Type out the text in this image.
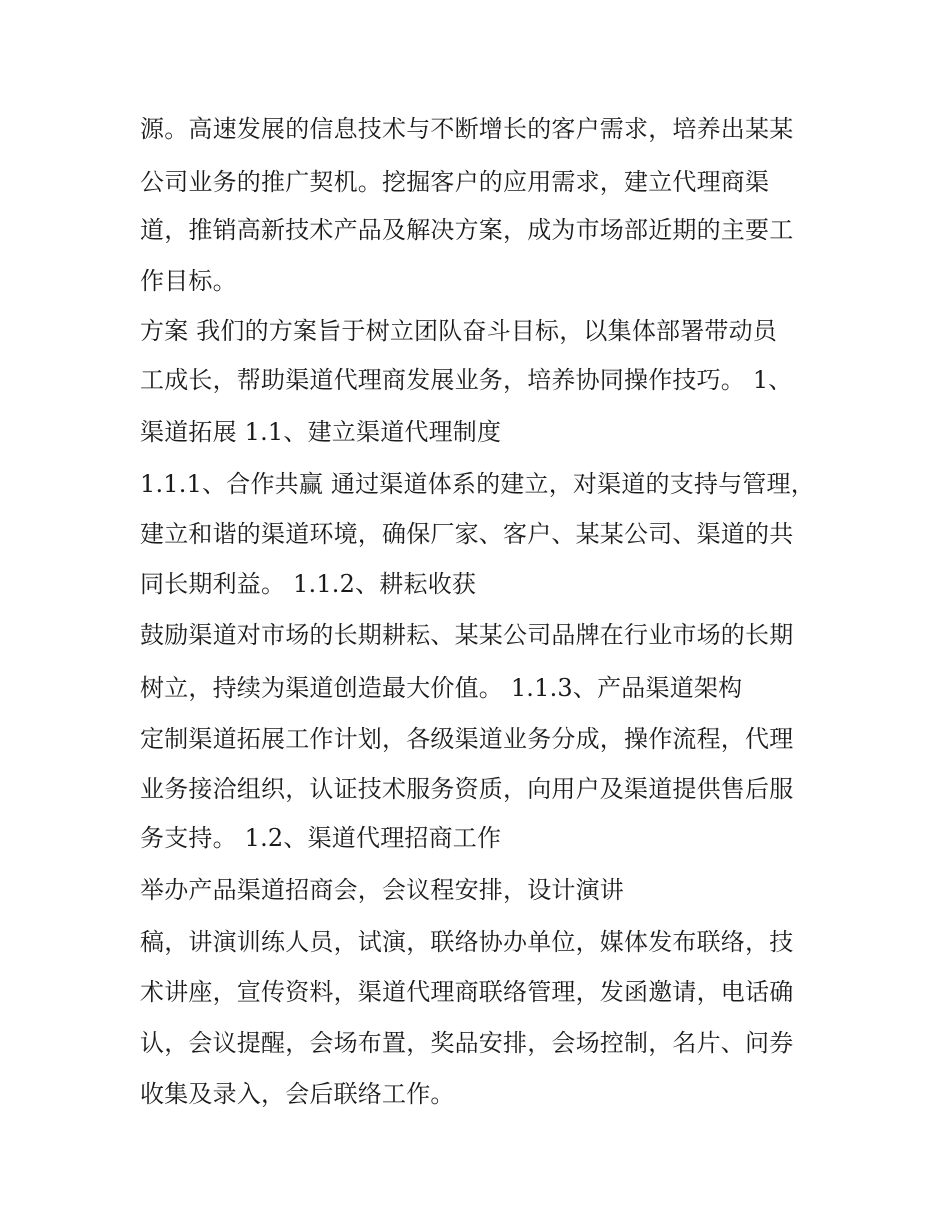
源。高速发展的信息技术与不断增长的客户需求，培养出某某
公司业务的推广契机。挖掘客户的应用需求，建立代理商渠
道，推销高新技术产品及解决方案，成为市场部近期的主要工
作目标。
方案 我们的方案旨于树立团队奋斗目标，以集体部署带动员
工成长，帮助渠道代理商发展业务，培养协同操作技巧。 1、
渠道拓展 1.1、建立渠道代理制度
1.1.1、合作共赢 通过渠道体系的建立，对渠道的支持与管理，
建立和谐的渠道环境，确保厂家、客户、某某公司、渠道的共
同长期利益。 1.1.2、耕耘收获
鼓励渠道对市场的长期耕耘、某某公司品牌在行业市场的长期
树立，持续为渠道创造最大价值。 1.1.3、产品渠道架构
定制渠道拓展工作计划，各级渠道业务分成，操作流程，代理
业务接洽组织，认证技术服务资质，向用户及渠道提供售后服
务支持。 1.2、渠道代理招商工作
举办产品渠道招商会，会议程安排，设计演讲
稿，讲演训练人员，试演，联络协办单位，媒体发布联络，技
术讲座，宣传资料，渠道代理商联络管理，发函邀请，电话确
认，会议提醒，会场布置，奖品安排，会场控制，名片、问券
收集及录入，会后联络工作。
